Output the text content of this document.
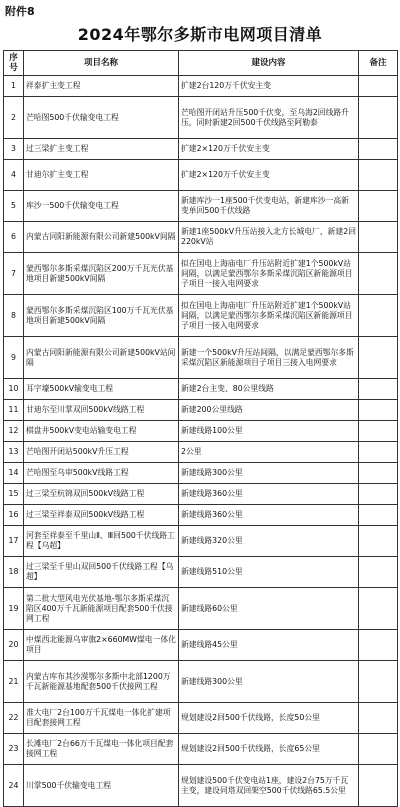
附件8
2024年鄂尔多斯市电网项目清单
序号	项目名称	建设内容	备注
1	祥泰扩主变工程	扩建2台120万千伏安主变	
2	芒哈图500千伏输变电工程	芒哈图开闭站升压500千伏变，至乌海2回线路升压，同时新建2回500千伏线路至阿勒泰	
3	过三梁扩主变工程	扩建2×120万千伏安主变	
4	甘迪尔扩主变工程	扩建2×120万千伏安主变	
5	库沙一500千伏输变电工程	新建库沙一1座500千伏变电站，新建库沙一高新变单回500千伏线路	
6	内蒙古同阳新能源有限公司新建500kV间隔	新建1座500kV升压站接入北方长城电厂，新建2回220kV站	
7	蒙西鄂尔多斯采煤沉陷区200万千瓦光伏基地项目新建500kV间隔	拟在国电上海庙电厂升压站附近扩建1个500kV站间隔，以满足蒙西鄂尔多斯采煤沉陷区新能源项目子项目一接入电网要求	
8	蒙西鄂尔多斯采煤沉陷区100万千瓦光伏基地项目新建500kV间隔	拟在国电上海庙电厂升压站附近扩建1个500kV站间隔，以满足蒙西鄂尔多斯采煤沉陷区新能源项目子项目一接入电网要求	
9	内蒙古同阳新能源有限公司新建500kV站间隔	新建一个500kV升压站间隔，以满足蒙西鄂尔多斯采煤沉陷区新能源项目子项目三接入电网要求	
10	耳字壕500kV输变电工程	新建2台主变、80公里线路	
11	甘迪尔至川掌双回500kV线路工程	新建200公里线路	
12	棋盘井500kV变电站输变电工程	新建线路100公里	
13	芒哈图开闭站500kV升压工程	2公里	
14	芒哈图至乌审500kV线路工程	新建线路300公里	
15	过三梁至杭锦双回500kV线路工程	新建线路360公里	
16	过三梁至祥泰双回500kV线路工程	新建线路360公里	
17	河套至祥泰至千里山Ⅱ、Ⅲ回500千伏线路工程【乌超】	新建线路320公里	
18	过三梁至千里山双回500千伏线路工程【乌超】	新建线路510公里	
19	第二批大型风电光伏基地-鄂尔多斯采煤沉陷区400万千瓦新能源项目配套500千伏接网工程	新建线路60公里	
20	中煤西北能源乌审旗2×660MW煤电一体化项目	新建线路45公里	
21	内蒙古库布其沙漠鄂尔多斯中北部1200万千瓦新能源基地配套500千伏接网工程	新建线路300公里	
22	准大电厂2台100万千瓦煤电一体化扩建项目配套接网工程	规划建设2回500千伏线路，长度50公里	
23	长滩电厂2台66万千瓦煤电一体化项目配套接网工程	规划建设2回500千伏线路，长度65公里	
24	川掌500千伏输变电工程	规划建设500千伏变电站1座，建设2台75万千瓦主变，建设同塔双回架空500千伏线路65.5公里	
